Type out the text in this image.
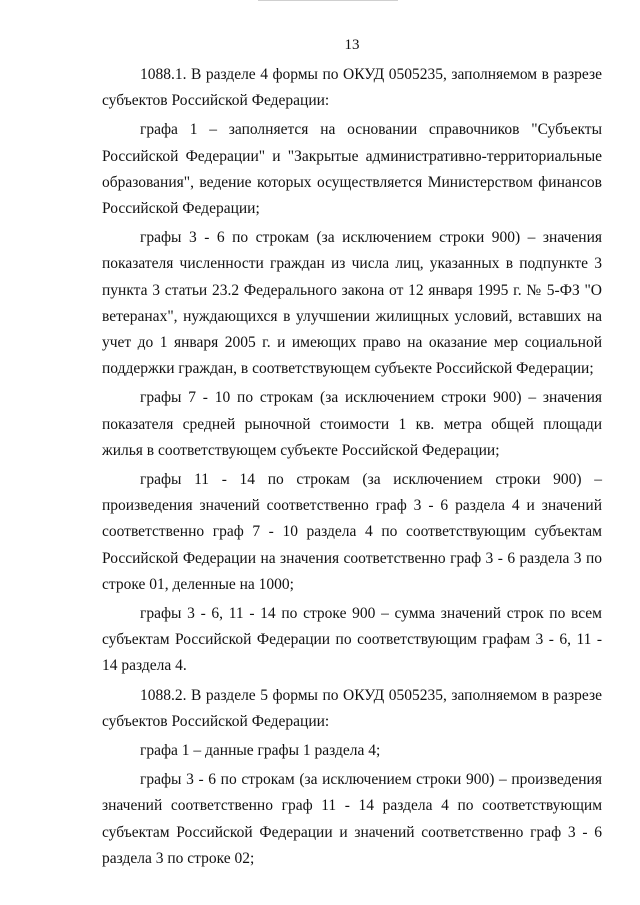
13

1088.1. В разделе 4 формы по ОКУД 0505235, заполняемом в разрезе субъектов Российской Федерации:

графа 1 – заполняется на основании справочников "Субъекты Российской Федерации" и "Закрытые административно-территориальные образования", ведение которых осуществляется Министерством финансов Российской Федерации;

графы 3 - 6 по строкам (за исключением строки 900) – значения показателя численности граждан из числа лиц, указанных в подпункте 3 пункта 3 статьи 23.2 Федерального закона от 12 января 1995 г. № 5-ФЗ "О ветеранах", нуждающихся в улучшении жилищных условий, вставших на учет до 1 января 2005 г. и имеющих право на оказание мер социальной поддержки граждан, в соответствующем субъекте Российской Федерации;

графы 7 - 10 по строкам (за исключением строки 900) – значения показателя средней рыночной стоимости 1 кв. метра общей площади жилья в соответствующем субъекте Российской Федерации;

графы 11 - 14 по строкам (за исключением строки 900) – произведения значений соответственно граф 3 - 6 раздела 4 и значений соответственно граф 7 - 10 раздела 4 по соответствующим субъектам Российской Федерации на значения соответственно граф 3 - 6 раздела 3 по строке 01, деленные на 1000;

графы 3 - 6, 11 - 14 по строке 900 – сумма значений строк по всем субъектам Российской Федерации по соответствующим графам 3 - 6, 11 - 14 раздела 4.

1088.2. В разделе 5 формы по ОКУД 0505235, заполняемом в разрезе субъектов Российской Федерации:

графа 1 – данные графы 1 раздела 4;

графы 3 - 6 по строкам (за исключением строки 900) – произведения значений соответственно граф 11 - 14 раздела 4 по соответствующим субъектам Российской Федерации и значений соответственно граф 3 - 6 раздела 3 по строке 02;
